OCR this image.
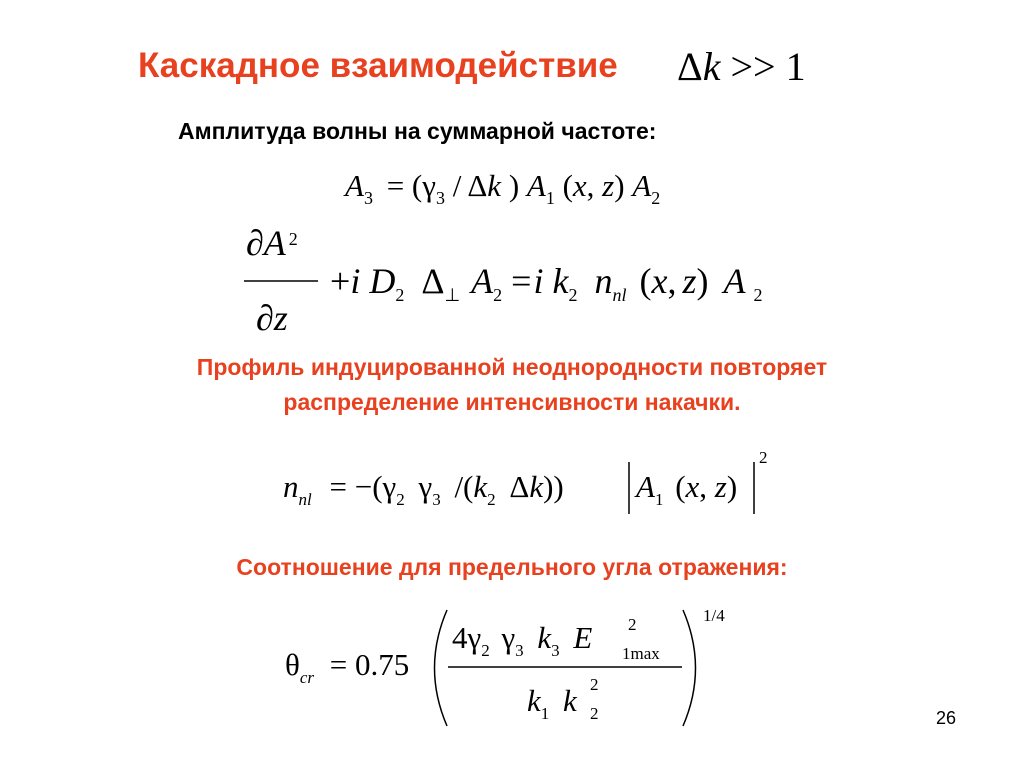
Каскадное взаимодействие Δk >> 1
Амплитуда волны на суммарной частоте:
$A_3 = (\gamma_3 / \Delta k$ ) $A_1$ (x, z) $A_2$
∂A $^2$
∂z
+i $D_2$ $\Delta_\perp$ $A_2 =i$ $k_2$ $n_{nl}$ (x, z) A $_2$
Профиль индуцированной неоднородности повторяет
распределение интенсивности накачки.
$n_{nl} = -(\gamma_2$ $\gamma_3$ $/(k_2$ Δk)) $A_1$ (x, z)
2
Соотношение для предельного угла отражения:
$\theta_{cr} = 0.75$
$4\gamma_2$ $\gamma_3$ $k_3$ E 2
1max
$k_1$ k 2
2
1/4
26
